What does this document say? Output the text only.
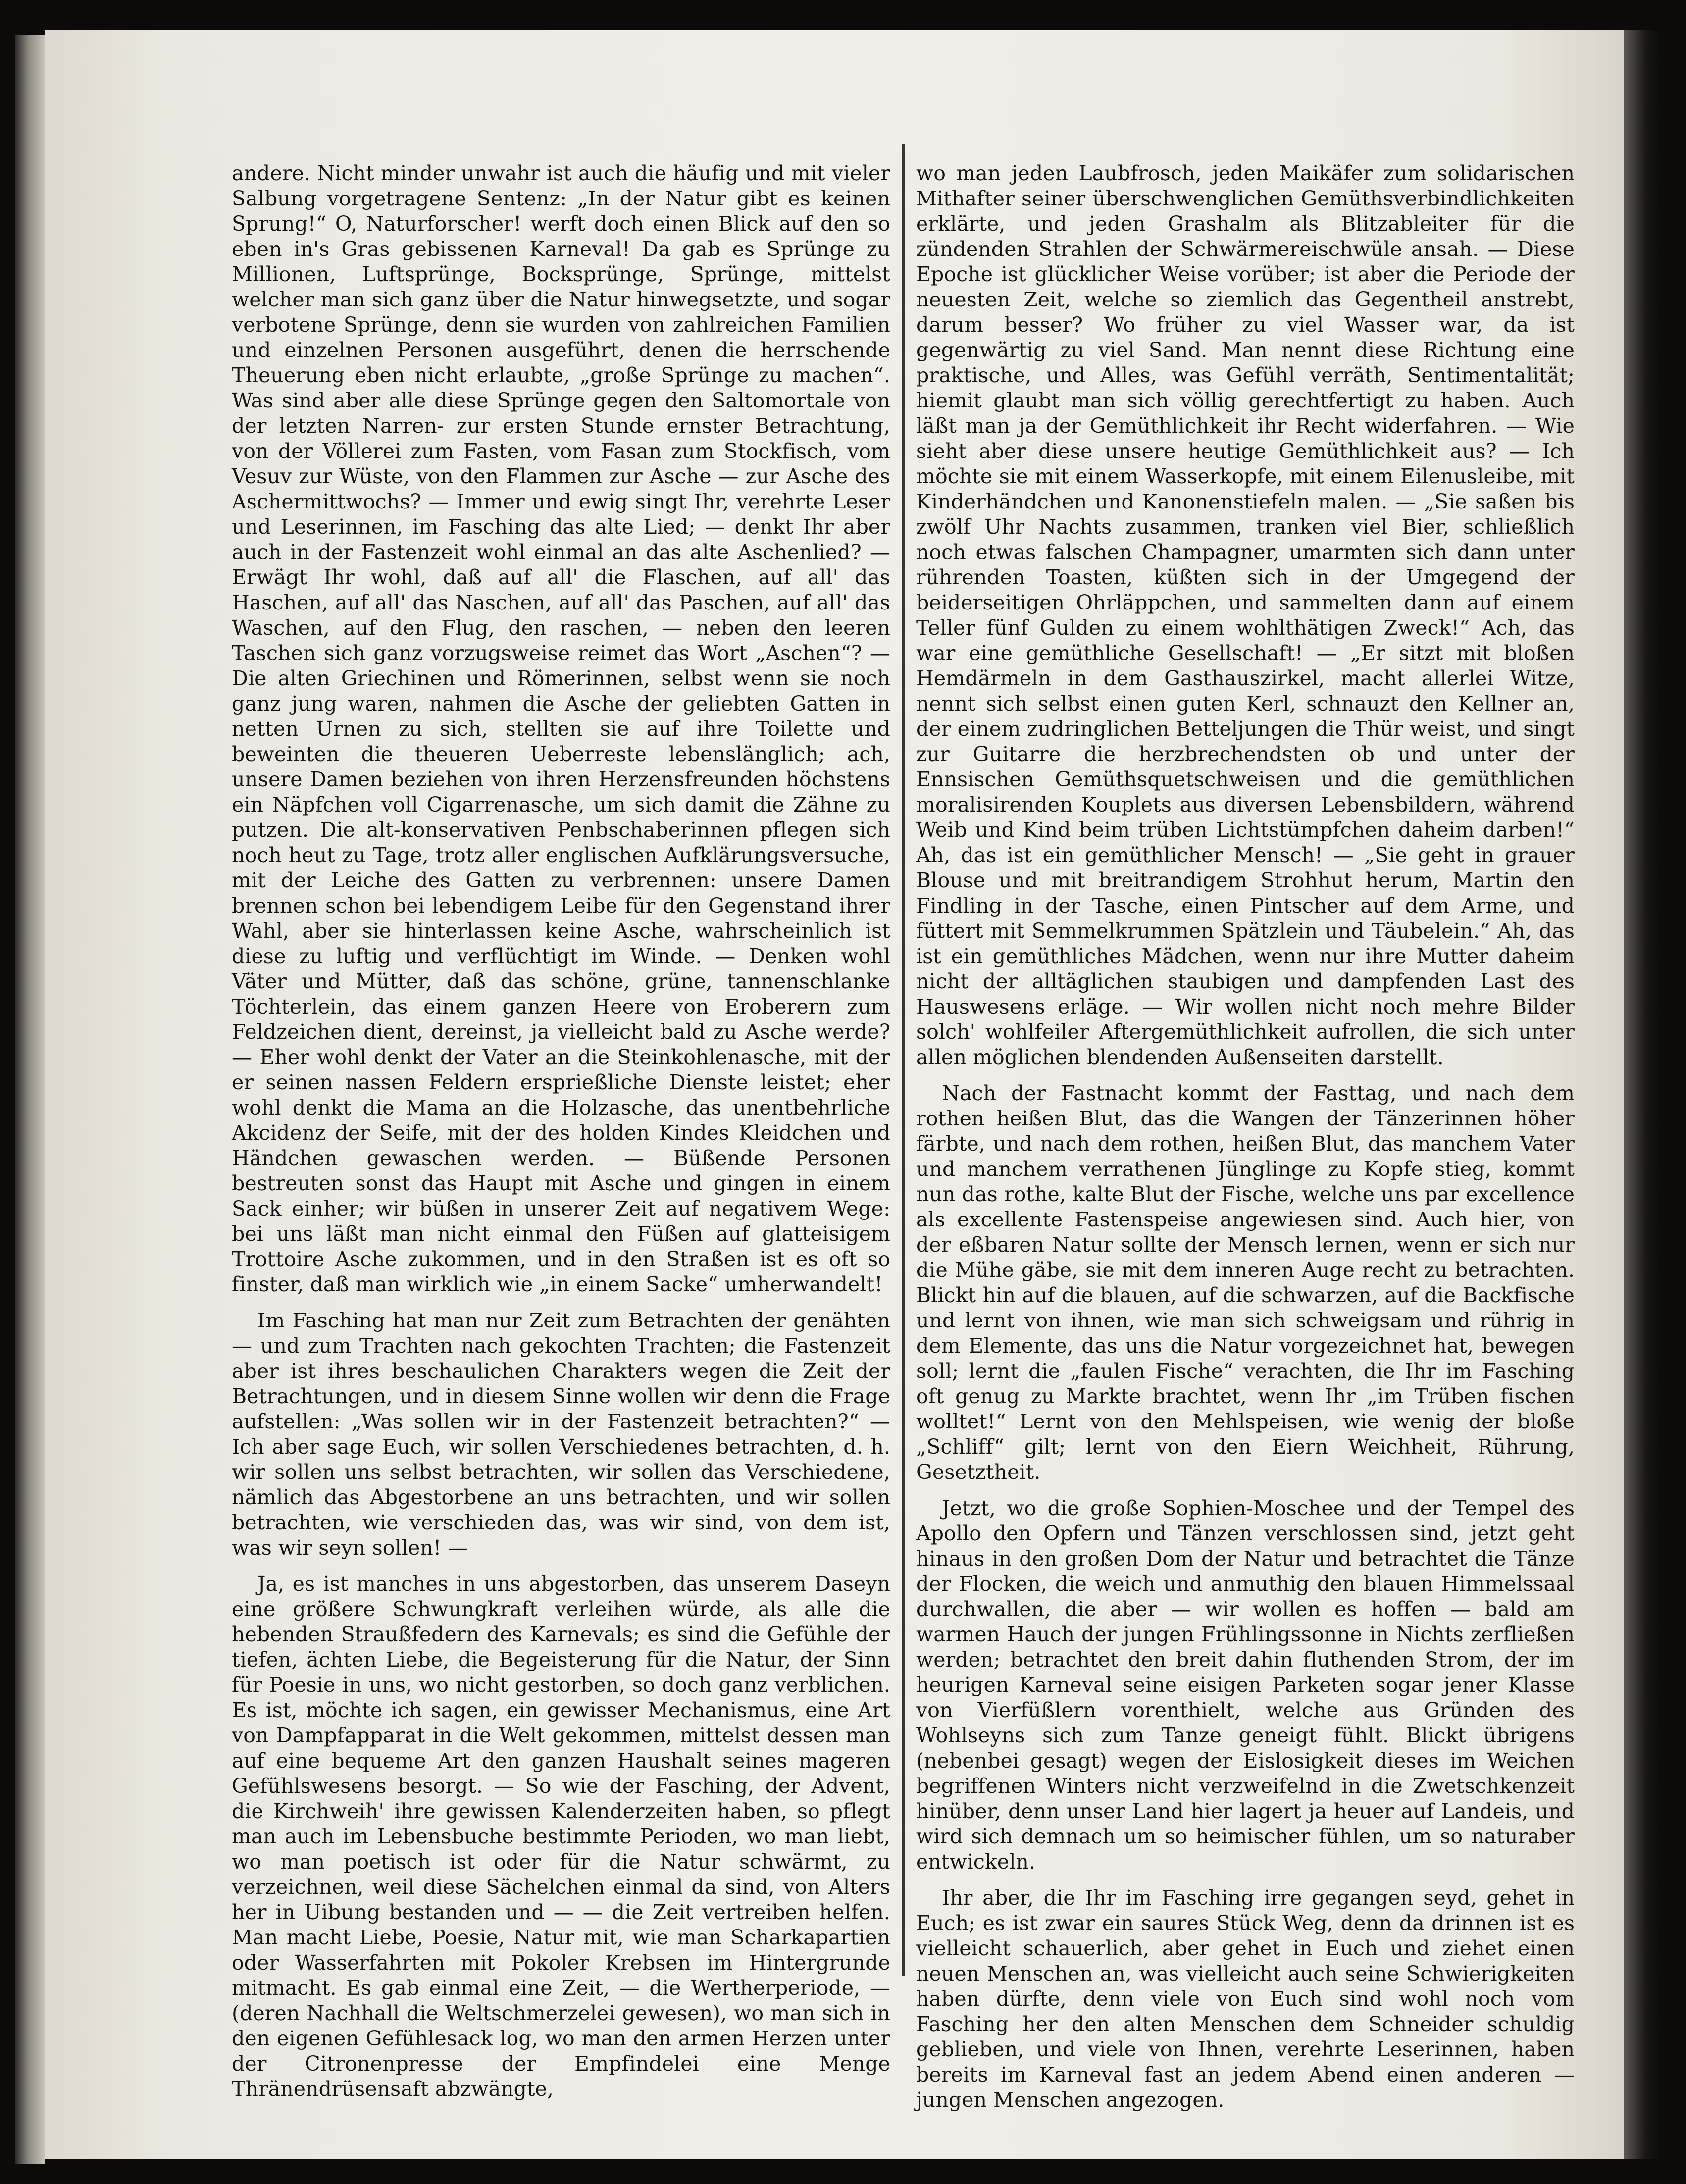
andere. Nicht minder unwahr ist auch die häufig und mit vieler Salbung vorgetragene Sentenz: „In der Natur gibt es keinen Sprung!“ O, Naturforscher! werft doch einen Blick auf den so eben in's Gras gebissenen Karneval! Da gab es Sprünge zu Millionen, Luftsprünge, Bocksprünge, Sprünge, mittelst welcher man sich ganz über die Natur hinwegsetzte, und sogar verbotene Sprünge, denn sie wurden von zahlreichen Familien und einzelnen Personen ausgeführt, denen die herrschende Theuerung eben nicht erlaubte, „große Sprünge zu machen“. Was sind aber alle diese Sprünge gegen den Saltomortale von der letzten Narren- zur ersten Stunde ernster Betrachtung, von der Völlerei zum Fasten, vom Fasan zum Stockfisch, vom Vesuv zur Wüste, von den Flammen zur Asche — zur Asche des Aschermittwochs? — Immer und ewig singt Ihr, verehrte Leser und Leserinnen, im Fasching das alte Lied; — denkt Ihr aber auch in der Fastenzeit wohl einmal an das alte Aschenlied? — Erwägt Ihr wohl, daß auf all' die Flaschen, auf all' das Haschen, auf all' das Naschen, auf all' das Paschen, auf all' das Waschen, auf den Flug, den raschen, — neben den leeren Taschen sich ganz vorzugsweise reimet das Wort „Aschen“? — Die alten Griechinen und Römerinnen, selbst wenn sie noch ganz jung waren, nahmen die Asche der geliebten Gatten in netten Urnen zu sich, stellten sie auf ihre Toilette und beweinten die theueren Ueberreste lebenslänglich; ach, unsere Damen beziehen von ihren Herzensfreunden höchstens ein Näpfchen voll Cigarrenasche, um sich damit die Zähne zu putzen. Die alt-konservativen Penbschaberinnen pflegen sich noch heut zu Tage, trotz aller englischen Aufklärungsversuche, mit der Leiche des Gatten zu verbrennen: unsere Damen brennen schon bei lebendigem Leibe für den Gegenstand ihrer Wahl, aber sie hinterlassen keine Asche, wahrscheinlich ist diese zu luftig und verflüchtigt im Winde. — Denken wohl Väter und Mütter, daß das schöne, grüne, tannenschlanke Töchterlein, das einem ganzen Heere von Eroberern zum Feldzeichen dient, dereinst, ja vielleicht bald zu Asche werde? — Eher wohl denkt der Vater an die Steinkohlenasche, mit der er seinen nassen Feldern ersprießliche Dienste leistet; eher wohl denkt die Mama an die Holzasche, das unentbehrliche Akcidenz der Seife, mit der des holden Kindes Kleidchen und Händchen gewaschen werden. — Büßende Personen bestreuten sonst das Haupt mit Asche und gingen in einem Sack einher; wir büßen in unserer Zeit auf negativem Wege: bei uns läßt man nicht einmal den Füßen auf glatteisigem Trottoire Asche zukommen, und in den Straßen ist es oft so finster, daß man wirklich wie „in einem Sacke“ umherwandelt!

Im Fasching hat man nur Zeit zum Betrachten der genähten — und zum Trachten nach gekochten Trachten; die Fastenzeit aber ist ihres beschaulichen Charakters wegen die Zeit der Betrachtungen, und in diesem Sinne wollen wir denn die Frage aufstellen: „Was sollen wir in der Fastenzeit betrachten?“ — Ich aber sage Euch, wir sollen Verschiedenes betrachten, d. h. wir sollen uns selbst betrachten, wir sollen das Verschiedene, nämlich das Abgestorbene an uns betrachten, und wir sollen betrachten, wie verschieden das, was wir sind, von dem ist, was wir seyn sollen! —

Ja, es ist manches in uns abgestorben, das unserem Daseyn eine größere Schwungkraft verleihen würde, als alle die hebenden Straußfedern des Karnevals; es sind die Gefühle der tiefen, ächten Liebe, die Begeisterung für die Natur, der Sinn für Poesie in uns, wo nicht gestorben, so doch ganz verblichen. Es ist, möchte ich sagen, ein gewisser Mechanismus, eine Art von Dampfapparat in die Welt gekommen, mittelst dessen man auf eine bequeme Art den ganzen Haushalt seines mageren Gefühlswesens besorgt. — So wie der Fasching, der Advent, die Kirchweih' ihre gewissen Kalenderzeiten haben, so pflegt man auch im Lebensbuche bestimmte Perioden, wo man liebt, wo man poetisch ist oder für die Natur schwärmt, zu verzeichnen, weil diese Sächelchen einmal da sind, von Alters her in Uibung bestanden und — — die Zeit vertreiben helfen. Man macht Liebe, Poesie, Natur mit, wie man Scharkapartien oder Wasserfahrten mit Pokoler Krebsen im Hintergrunde mitmacht. Es gab einmal eine Zeit, — die Wertherperiode, — (deren Nachhall die Weltschmerzelei gewesen), wo man sich in den eigenen Gefühlesack log, wo man den armen Herzen unter der Citronenpresse der Empfindelei eine Menge Thränendrüsensaft abzwängte,

wo man jeden Laubfrosch, jeden Maikäfer zum solidarischen Mithafter seiner überschwenglichen Gemüthsverbindlichkeiten erklärte, und jeden Grashalm als Blitzableiter für die zündenden Strahlen der Schwärmereischwüle ansah. — Diese Epoche ist glücklicher Weise vorüber; ist aber die Periode der neuesten Zeit, welche so ziemlich das Gegentheil anstrebt, darum besser? Wo früher zu viel Wasser war, da ist gegenwärtig zu viel Sand. Man nennt diese Richtung eine praktische, und Alles, was Gefühl verräth, Sentimentalität; hiemit glaubt man sich völlig gerechtfertigt zu haben. Auch läßt man ja der Gemüthlichkeit ihr Recht widerfahren. — Wie sieht aber diese unsere heutige Gemüthlichkeit aus? — Ich möchte sie mit einem Wasserkopfe, mit einem Eilenusleibe, mit Kinderhändchen und Kanonenstiefeln malen. — „Sie saßen bis zwölf Uhr Nachts zusammen, tranken viel Bier, schließlich noch etwas falschen Champagner, umarmten sich dann unter rührenden Toasten, küßten sich in der Umgegend der beiderseitigen Ohrläppchen, und sammelten dann auf einem Teller fünf Gulden zu einem wohlthätigen Zweck!“ Ach, das war eine gemüthliche Gesellschaft! — „Er sitzt mit bloßen Hemdärmeln in dem Gasthauszirkel, macht allerlei Witze, nennt sich selbst einen guten Kerl, schnauzt den Kellner an, der einem zudringlichen Betteljungen die Thür weist, und singt zur Guitarre die herzbrechendsten ob und unter der Ennsischen Gemüthsquetschweisen und die gemüthlichen moralisirenden Kouplets aus diversen Lebensbildern, während Weib und Kind beim trüben Lichtstümpfchen daheim darben!“ Ah, das ist ein gemüthlicher Mensch! — „Sie geht in grauer Blouse und mit breitrandigem Strohhut herum, Martin den Findling in der Tasche, einen Pintscher auf dem Arme, und füttert mit Semmelkrummen Spätzlein und Täubelein.“ Ah, das ist ein gemüthliches Mädchen, wenn nur ihre Mutter daheim nicht der alltäglichen staubigen und dampfenden Last des Hauswesens erläge. — Wir wollen nicht noch mehre Bilder solch' wohlfeiler Aftergemüthlichkeit aufrollen, die sich unter allen möglichen blendenden Außenseiten darstellt.

Nach der Fastnacht kommt der Fasttag, und nach dem rothen heißen Blut, das die Wangen der Tänzerinnen höher färbte, und nach dem rothen, heißen Blut, das manchem Vater und manchem verrathenen Jünglinge zu Kopfe stieg, kommt nun das rothe, kalte Blut der Fische, welche uns par excellence als excellente Fastenspeise angewiesen sind. Auch hier, von der eßbaren Natur sollte der Mensch lernen, wenn er sich nur die Mühe gäbe, sie mit dem inneren Auge recht zu betrachten. Blickt hin auf die blauen, auf die schwarzen, auf die Backfische und lernt von ihnen, wie man sich schweigsam und rührig in dem Elemente, das uns die Natur vorgezeichnet hat, bewegen soll; lernt die „faulen Fische“ verachten, die Ihr im Fasching oft genug zu Markte brachtet, wenn Ihr „im Trüben fischen wolltet!“ Lernt von den Mehlspeisen, wie wenig der bloße „Schliff“ gilt; lernt von den Eiern Weichheit, Rührung, Gesetztheit.

Jetzt, wo die große Sophien-Moschee und der Tempel des Apollo den Opfern und Tänzen verschlossen sind, jetzt geht hinaus in den großen Dom der Natur und betrachtet die Tänze der Flocken, die weich und anmuthig den blauen Himmelssaal durchwallen, die aber — wir wollen es hoffen — bald am warmen Hauch der jungen Frühlingssonne in Nichts zerfließen werden; betrachtet den breit dahin fluthenden Strom, der im heurigen Karneval seine eisigen Parketen sogar jener Klasse von Vierfüßlern vorenthielt, welche aus Gründen des Wohlseyns sich zum Tanze geneigt fühlt. Blickt übrigens (nebenbei gesagt) wegen der Eislosigkeit dieses im Weichen begriffenen Winters nicht verzweifelnd in die Zwetschkenzeit hinüber, denn unser Land hier lagert ja heuer auf Landeis, und wird sich demnach um so heimischer fühlen, um so naturaber entwickeln.

Ihr aber, die Ihr im Fasching irre gegangen seyd, gehet in Euch; es ist zwar ein saures Stück Weg, denn da drinnen ist es vielleicht schauerlich, aber gehet in Euch und ziehet einen neuen Menschen an, was vielleicht auch seine Schwierigkeiten haben dürfte, denn viele von Euch sind wohl noch vom Fasching her den alten Menschen dem Schneider schuldig geblieben, und viele von Ihnen, verehrte Leserinnen, haben bereits im Karneval fast an jedem Abend einen anderen — jungen Menschen angezogen.
